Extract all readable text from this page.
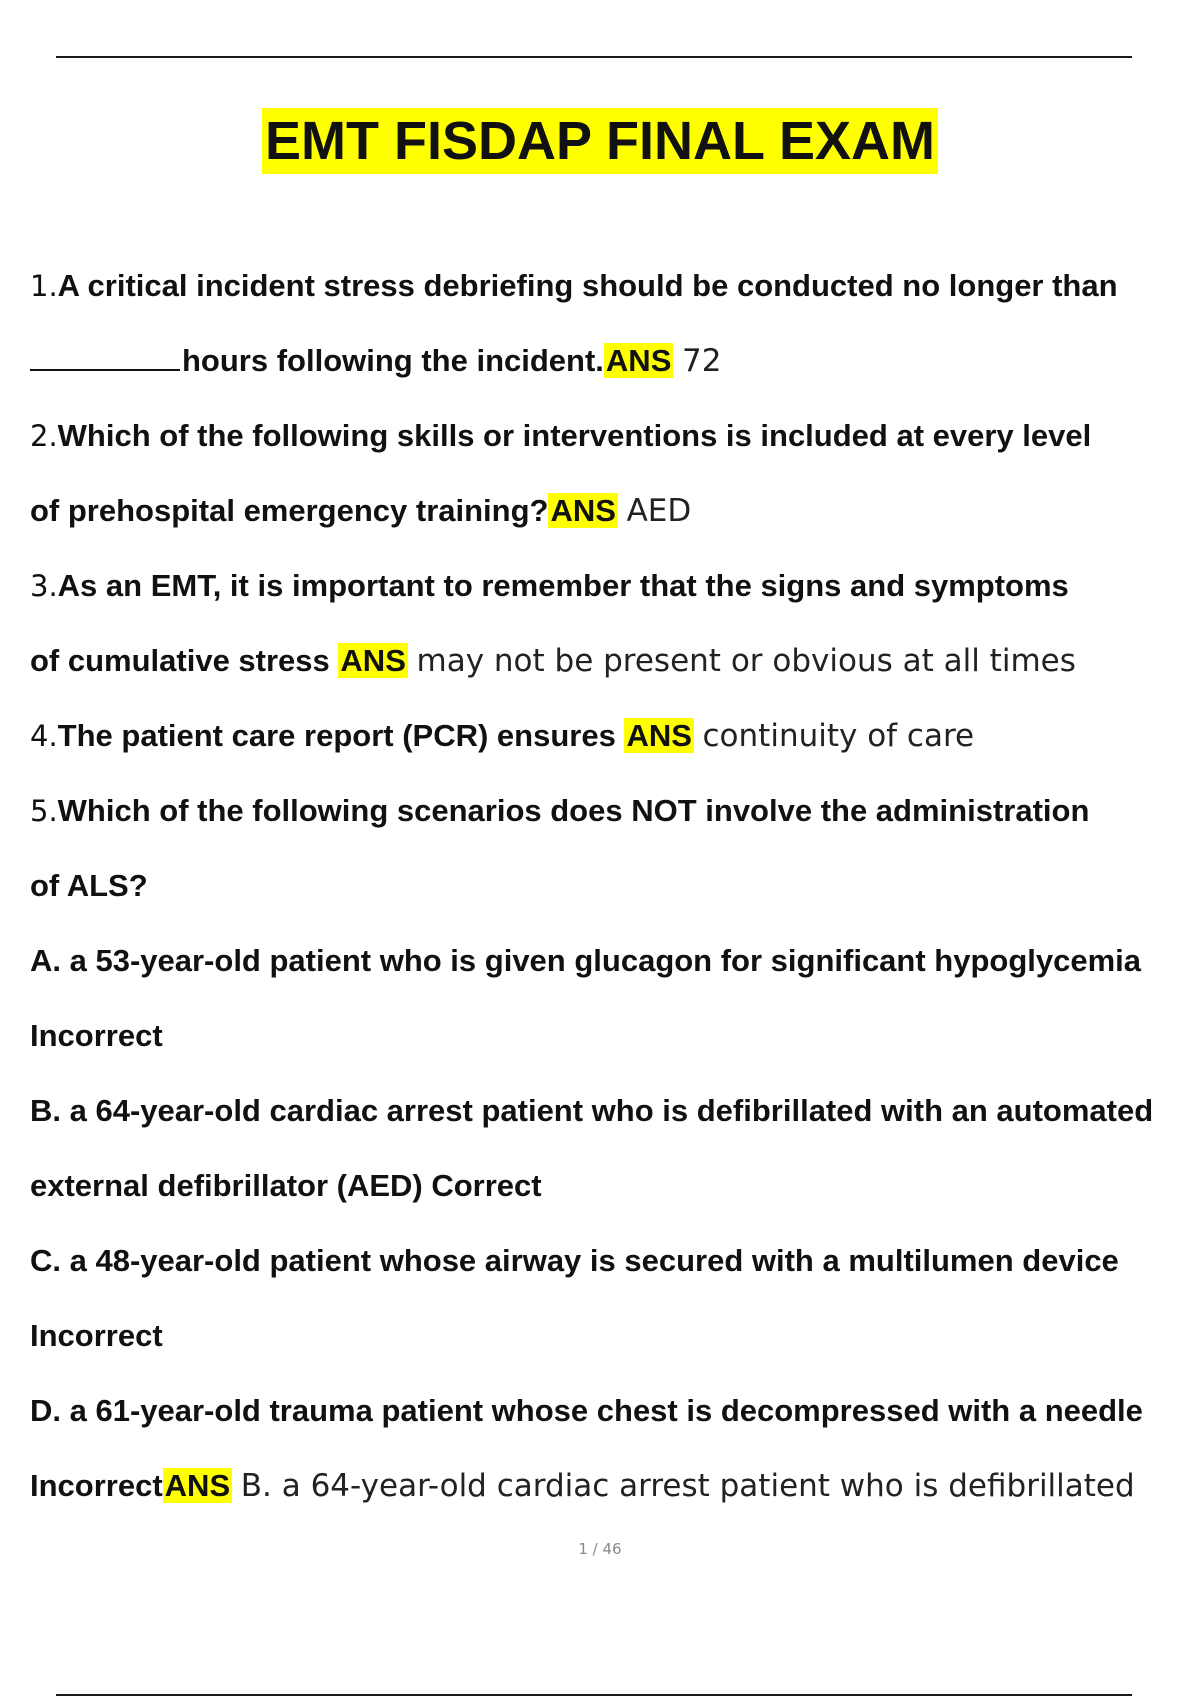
EMT FISDAP FINAL EXAM
1.A critical incident stress debriefing should be conducted no longer than
hours following the incident.ANS 72
2.Which of the following skills or interventions is included at every level
of prehospital emergency training?ANS AED
3.As an EMT, it is important to remember that the signs and symptoms
of cumulative stress ANS may not be present or obvious at all times
4.The patient care report (PCR) ensures ANS continuity of care
5.Which of the following scenarios does NOT involve the administration
of ALS?
A. a 53-year-old patient who is given glucagon for significant hypoglycemia
Incorrect
B. a 64-year-old cardiac arrest patient who is defibrillated with an automated
external defibrillator (AED) Correct
C. a 48-year-old patient whose airway is secured with a multilumen device
Incorrect
D. a 61-year-old trauma patient whose chest is decompressed with a needle
IncorrectANS B. a 64-year-old cardiac arrest patient who is defibrillated
1 / 46
